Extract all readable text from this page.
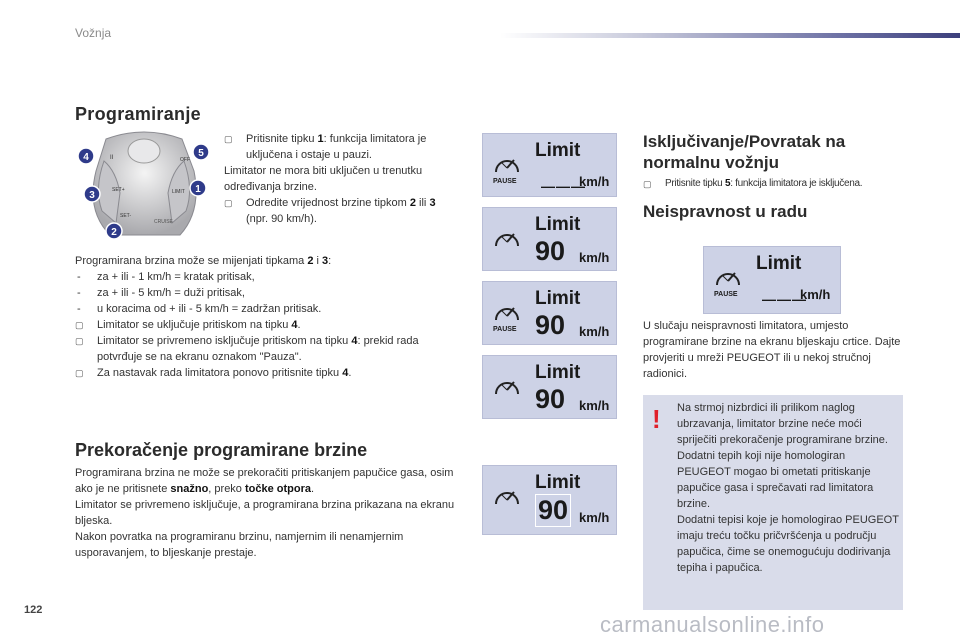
Vožnja
Programiranje
II
SET+
SET-
LIMIT
CRUISE
OFF
4	5
3
1
2
▢ Pritisnite tipku 1: funkcija limitatora je uključena i ostaje u pauzi.
Limitator ne mora biti uključen u trenutku određivanja brzine.
▢ Odredite vrijednost brzine tipkom 2 ili 3
(npr. 90 km/h).
Programirana brzina može se mijenjati tipkama 2 i 3:
- za + ili - 1 km/h = kratak pritisak,
- za + ili - 5 km/h = duži pritisak,
- u koracima od + ili - 5 km/h = zadržan pritisak.
▢ Limitator se uključuje pritiskom na tipku 4.
▢ Limitator se privremeno isključuje pritiskom na tipku 4: prekid rada potvrđuje se na ekranu oznakom "Pauza".
▢ Za nastavak rada limitatora ponovo pritisnite tipku 4.
Prekoračenje programirane brzine
Programirana brzina ne može se prekoračiti pritiskanjem papučice gasa, osim ako je ne pritisnete snažno, preko točke otpora.
Limitator se privremeno isključuje, a programirana brzina prikazana na ekranu bljeska.
Nakon povratka na programiranu brzinu, namjernim ili nenamjernim usporavanjem, to bljeskanje prestaje.
Limit
———
km/h
PAUSE
Limit
90 km/h
Limit
90 km/h
PAUSE
Limit
90 km/h
Limit
90 km/h
Isključivanje/Povratak na normalnu vožnju
▢ Pritisnite tipku 5: funkcija limitatora je isključena.
Neispravnost u radu
Limit
———
km/h
PAUSE
U slučaju neispravnosti limitatora, umjesto programirane brzine na ekranu bljeskaju crtice. Dajte provjeriti u mreži PEUGEOT ili u nekoj stručnoj radionici.
! Na strmoj nizbrdici ili prilikom naglog ubrzavanja, limitator brzine neće moći spriječiti prekoračenje programirane brzine.
Dodatni tepih koji nije homologiran PEUGEOT mogao bi ometati pritiskanje papučice gasa i sprečavati rad limitatora brzine.
Dodatni tepisi koje je homologirao PEUGEOT imaju treću točku pričvršćenja u području papučica, čime se onemogućuju dodirivanja tepiha i papučica.
122
carmanualsonline.info
